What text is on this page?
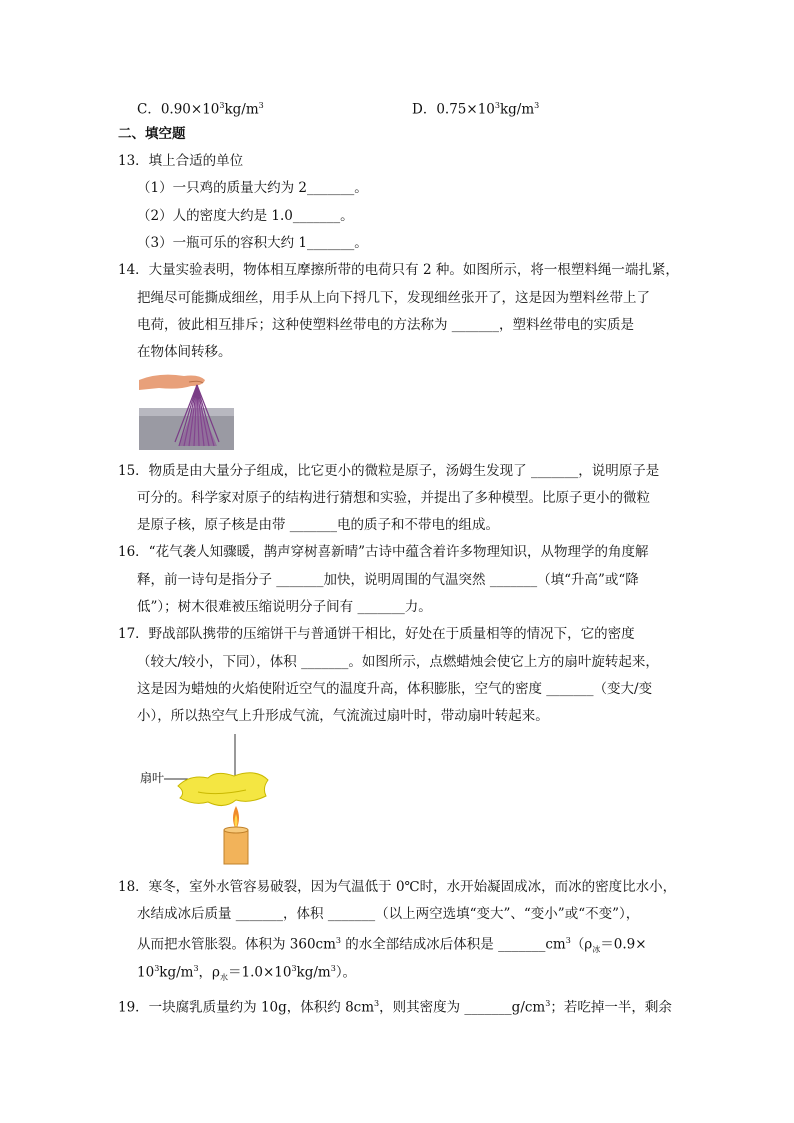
C．$0.90\times 10^3kg/m^3$	D．$0.75\times 10^3kg/m^3$
二、填空题
13．填上合适的单位
（1）一只鸡的质量大约为 2_______。
（2）人的密度大约是 1.0_______。
（3）一瓶可乐的容积大约 1_______。
14．大量实验表明，物体相互摩擦所带的电荷只有 2 种。如图所示，将一根塑料绳一端扎紧，
把绳尽可能撕成细丝，用手从上向下捋几下，发现细丝张开了，这是因为塑料丝带上了
电荷，彼此相互排斥；这种使塑料丝带电的方法称为 _______，塑料丝带电的实质是
在物体间转移。
15．物质是由大量分子组成，比它更小的微粒是原子，汤姆生发现了 _______，说明原子是
可分的。科学家对原子的结构进行猜想和实验，并提出了多种模型。比原子更小的微粒
是原子核，原子核是由带 _______电的质子和不带电的组成。
16．“花气袭人知骤暖，鹊声穿树喜新晴”古诗中蕴含着许多物理知识，从物理学的角度解
释，前一诗句是指分子 _______加快，说明周围的气温突然 _______（填“升高”或“降
低”）；树木很难被压缩说明分子间有 _______力。
17．野战部队携带的压缩饼干与普通饼干相比，好处在于质量相等的情况下，它的密度
（较大/较小，下同），体积 _______。如图所示，点燃蜡烛会使它上方的扇叶旋转起来，
这是因为蜡烛的火焰使附近空气的温度升高，体积膨胀，空气的密度 _______（变大/变
小），所以热空气上升形成气流，气流流过扇叶时，带动扇叶转起来。
扇叶
18．寒冬，室外水管容易破裂，因为气温低于 0℃时，水开始凝固成冰，而冰的密度比水小，
水结成冰后质量 _______，体积 _______（以上两空选填“变大”、“变小”或“不变”），
从而把水管胀裂。体积为 $360cm^3$ 的水全部结成冰后体积是 $\_\_\_\_\_\_\_cm^3(\rho_冰=0.9\times$
$10^3kg/m^3$，$\rho_水=1.0\times 10^3kg/m^3$）。
19．一块腐乳质量约为 10g，体积约 $8cm^3$，则其密度为 $\_\_\_\_\_\_\_g/cm^3$；若吃掉一半，剩余
